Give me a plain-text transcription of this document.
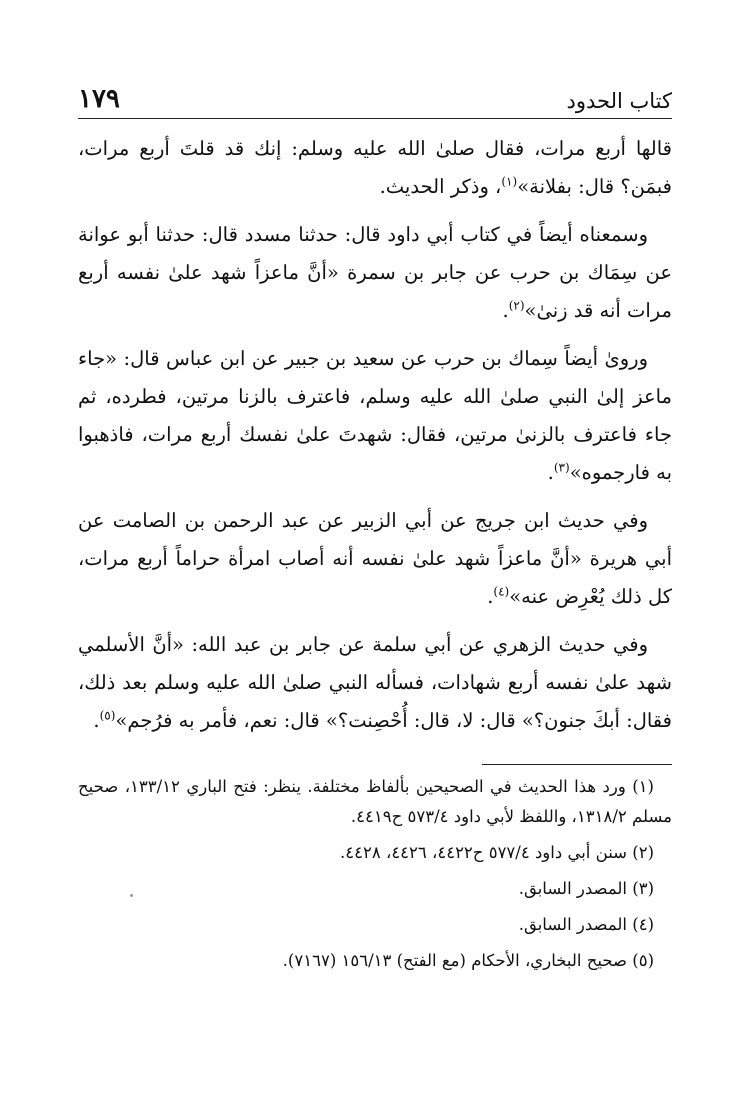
كتاب الحدود
١٧٩

قالها أربع مرات، فقال صلىٰ الله عليه وسلم: إنك قد قلتَ أربع مرات، فبمَن؟ قال: بفلانة»$^{(١)}$، وذكر الحديث.

وسمعناه أيضاً في كتاب أبي داود قال: حدثنا مسدد قال: حدثنا أبو عوانة عن سِمَاك بن حرب عن جابر بن سمرة «أنَّ ماعزاً شهد علىٰ نفسه أربع مرات أنه قد زنىٰ»$^{(٢)}$.

ورویٰ أيضاً سِماك بن حرب عن سعيد بن جبير عن ابن عباس قال: «جاء ماعز إلىٰ النبي صلىٰ الله عليه وسلم، فاعترف بالزنا مرتين، فطرده، ثم جاء فاعترف بالزنىٰ مرتين، فقال: شهدتَ علىٰ نفسك أربع مرات، فاذهبوا به فارجموه»$^{(٣)}$.

وفي حديث ابن جريج عن أبي الزبير عن عبد الرحمن بن الصامت عن أبي هريرة «أنَّ ماعزاً شهد علىٰ نفسه أنه أصاب امرأة حراماً أربع مرات، كل ذلك يُعْرِض عنه»$^{(٤)}$.

وفي حديث الزهري عن أبي سلمة عن جابر بن عبد الله: «أنَّ الأسلمي شهد علىٰ نفسه أربع شهادات، فسأله النبي صلىٰ الله عليه وسلم بعد ذلك، فقال: أبكَ جنون؟» قال: لا، قال: أُحْصِنت؟» قال: نعم، فأمر به فرُجم»$^{(٥)}$.

(١) ورد هذا الحديث في الصحيحين بألفاظ مختلفة. ينظر: فتح الباري ١٣٣/١٢، صحيح مسلم ١٣١٨/٢، واللفظ لأبي داود ٥٧٣/٤ ح٤٤١٩.

(٢) سنن أبي داود ٥٧٧/٤ ح٤٤٢٢، ٤٤٢٦، ٤٤٢٨.

(٣) المصدر السابق.

(٤) المصدر السابق.

(٥) صحيح البخاري، الأحكام (مع الفتح) ١٥٦/١٣ (٧١٦٧).
